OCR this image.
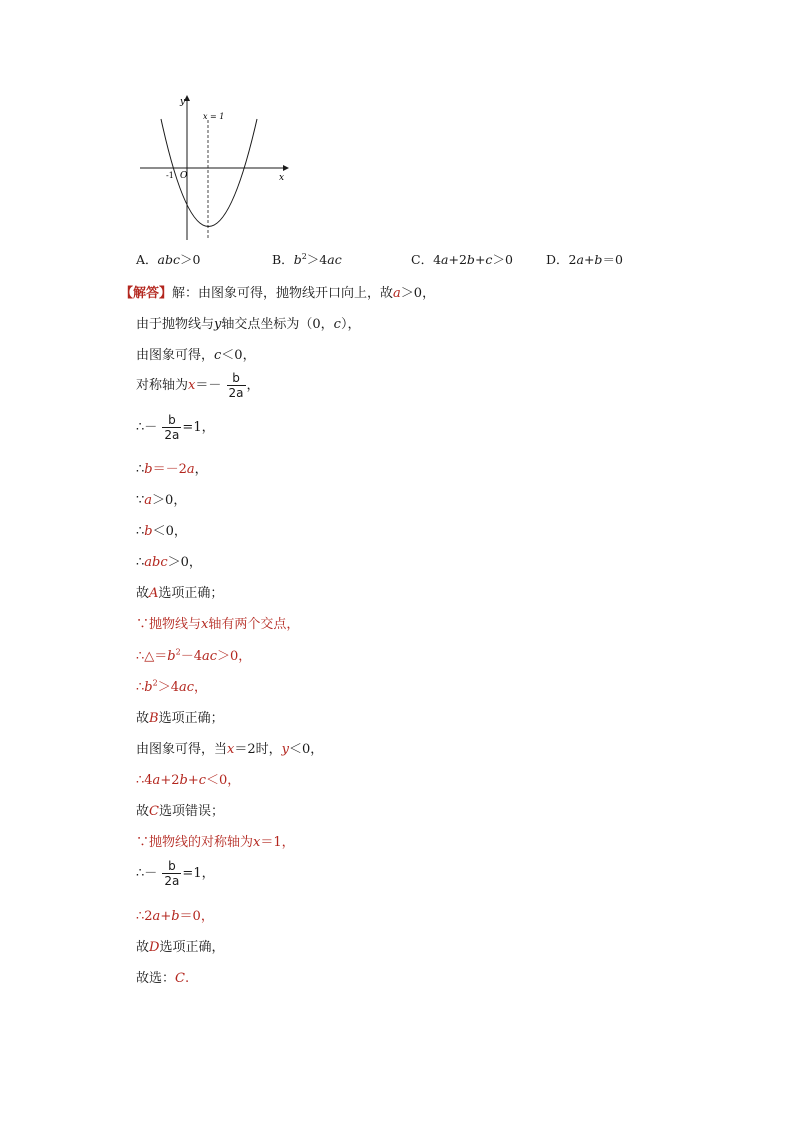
y
x
O
-1
x = 1
A．abc＞0	B．$b^2>4ac$	C．4a+2b+c＞0	D．2a+b＝0
【解答】解：由图象可得，抛物线开口向上，故a＞0，
由于抛物线与y轴交点坐标为（0，c），
由图象可得，c＜0，
对称轴为$x=- \frac{b}{2a}$ ，
∴－ $\frac{b}{2a} =1$，
∴b＝－2a，
∵a＞0，
∴b＜0，
∴abc＞0，
故A选项正确；
∵抛物线与x轴有两个交点，
$\therefore\triangle=b^2-4ac>0$，
$\therefore b^2>4ac$，
故B选项正确；
由图象可得，当x＝2时，y＜0，
∴4a+2b+c＜0，
故C选项错误；
∵抛物线的对称轴为x＝1，
∴－ $\frac{b}{2a} =1$，
∴2a+b＝0，
故D选项正确，
故选：C.
